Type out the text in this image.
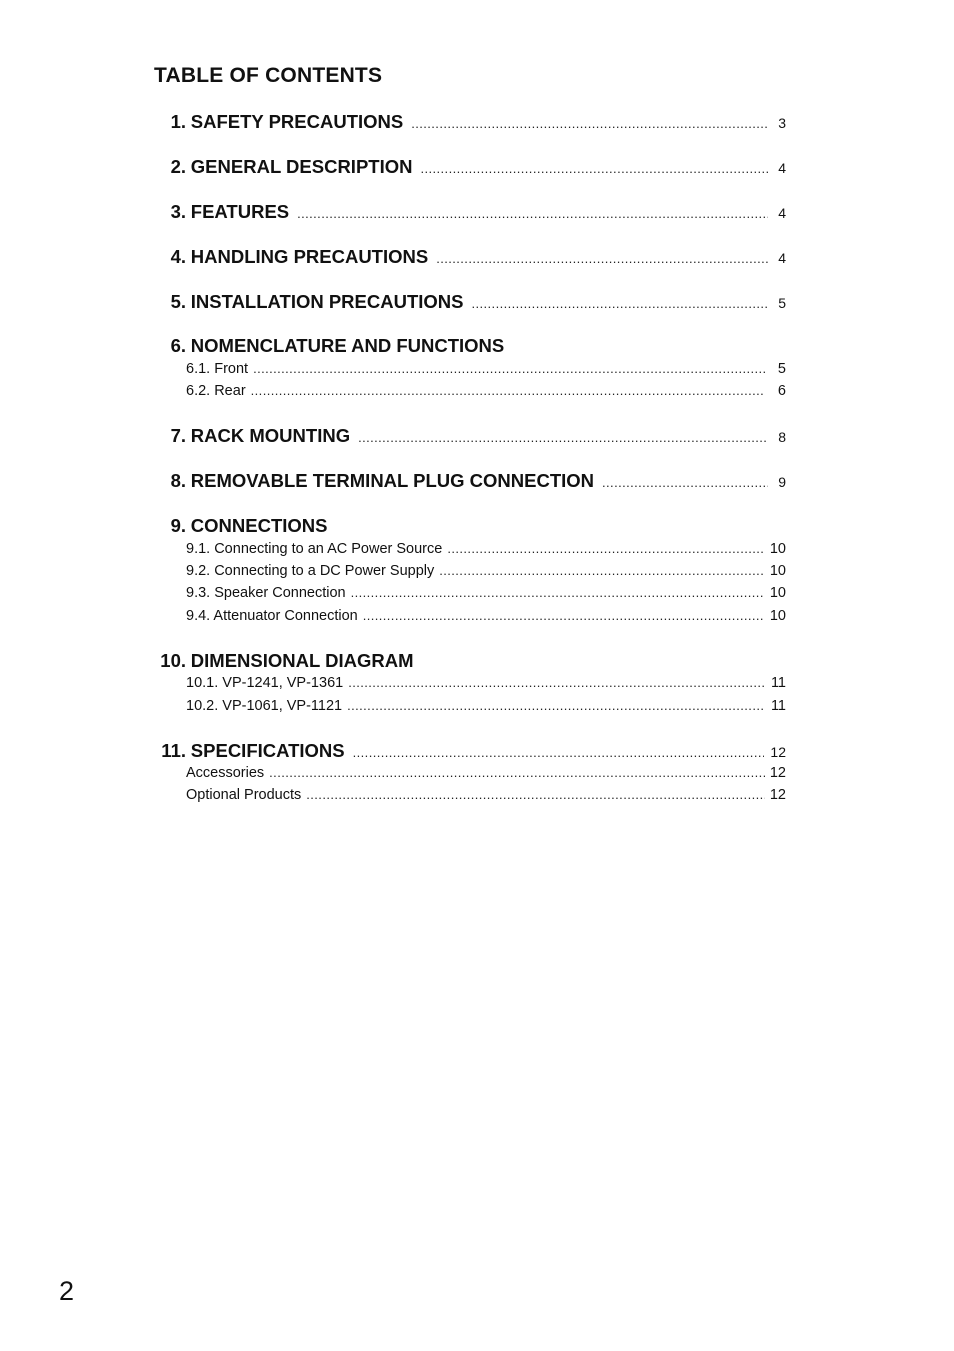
TABLE OF CONTENTS
1. SAFETY PRECAUTIONS .....	3
2. GENERAL DESCRIPTION .....	4
3. FEATURES .....	4
4. HANDLING PRECAUTIONS .....	4
5. INSTALLATION PRECAUTIONS .....	5
6. NOMENCLATURE AND FUNCTIONS
6.1. Front .....	5
6.2. Rear .....	6
7. RACK MOUNTING .....	8
8. REMOVABLE TERMINAL PLUG CONNECTION .....	9
9. CONNECTIONS
9.1. Connecting to an AC Power Source .....	10
9.2. Connecting to a DC Power Supply .....	10
9.3. Speaker Connection .....	10
9.4. Attenuator Connection .....	10
10. DIMENSIONAL DIAGRAM
10.1. VP-1241, VP-1361 .....	11
10.2. VP-1061, VP-1121 .....	11
11. SPECIFICATIONS .....	12
Accessories .....	12
Optional Products .....	12

2
